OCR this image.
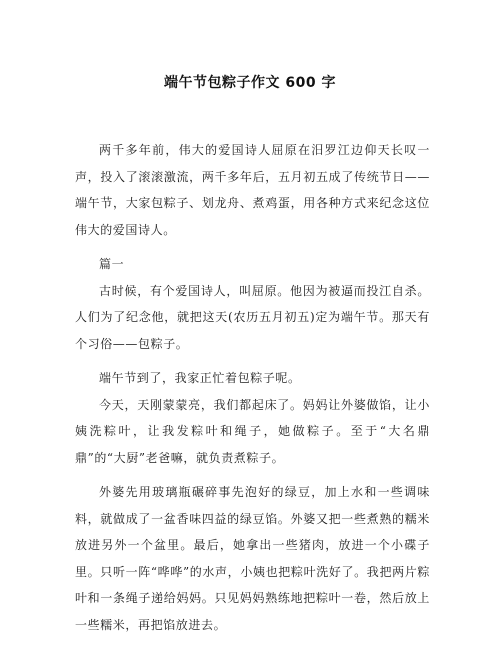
端午节包粽子作文 600 字

两千多年前，伟大的爱国诗人屈原在汨罗江边仰天长叹一声，投入了滚滚激流，两千多年后，五月初五成了传统节日——端午节，大家包粽子、划龙舟、煮鸡蛋，用各种方式来纪念这位伟大的爱国诗人。

篇一

古时候，有个爱国诗人，叫屈原。他因为被逼而投江自杀。人们为了纪念他，就把这天(农历五月初五)定为端午节。那天有个习俗——包粽子。

端午节到了，我家正忙着包粽子呢。

今天，天刚蒙蒙亮，我们都起床了。妈妈让外婆做馅，让小姨洗粽叶，让我发粽叶和绳子，她做粽子。至于“大名鼎鼎”的“大厨”老爸嘛，就负责煮粽子。

外婆先用玻璃瓶碾碎事先泡好的绿豆，加上水和一些调味料，就做成了一盆香味四益的绿豆馅。外婆又把一些煮熟的糯米放进另外一个盆里。最后，她拿出一些猪肉，放进一个小碟子里。只听一阵“哗哗”的水声，小姨也把粽叶洗好了。我把两片粽叶和一条绳子递给妈妈。只见妈妈熟练地把粽叶一卷，然后放上一些糯米，再把馅放进去。
